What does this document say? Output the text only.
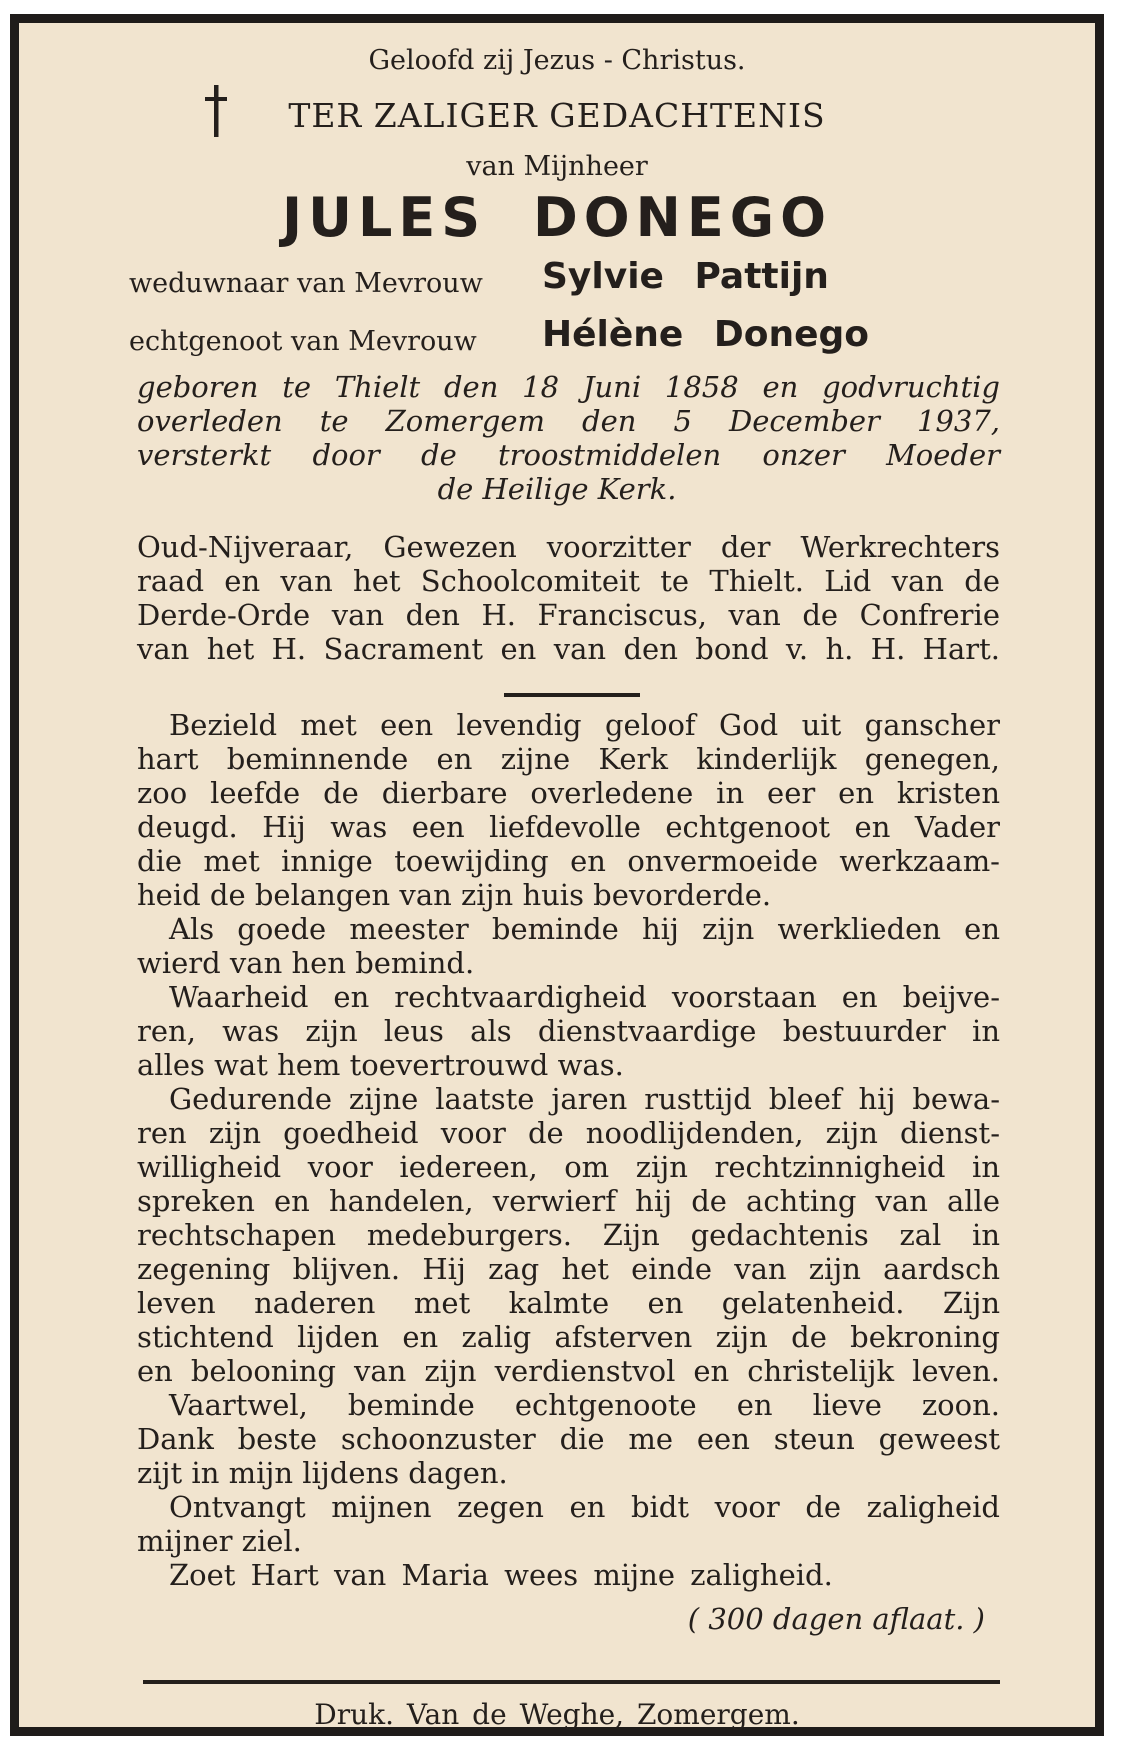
Geloofd zij Jezus - Christus.
TER ZALIGER GEDACHTENIS
van Mijnheer
JULES DONEGO
weduwnaar van Mevrouw Sylvie Pattijn
echtgenoot van Mevrouw Hélène Donego
geboren te Thielt den 18 Juni 1858 en godvruchtig
overleden te Zomergem den 5 December 1937,
versterkt door de troostmiddelen onzer Moeder
de Heilige Kerk.
Oud-Nijveraar, Gewezen voorzitter der Werkrechters
raad en van het Schoolcomiteit te Thielt. Lid van de
Derde-Orde van den H. Franciscus, van de Confrerie
van het H. Sacrament en van den bond v. h. H. Hart.
Bezield met een levendig geloof God uit ganscher
hart beminnende en zijne Kerk kinderlijk genegen,
zoo leefde de dierbare overledene in eer en kristen
deugd. Hij was een liefdevolle echtgenoot en Vader
die met innige toewijding en onvermoeide werkzaam-
heid de belangen van zijn huis bevorderde.
Als goede meester beminde hij zijn werklieden en
wierd van hen bemind.
Waarheid en rechtvaardigheid voorstaan en beijve-
ren, was zijn leus als dienstvaardige bestuurder in
alles wat hem toevertrouwd was.
Gedurende zijne laatste jaren rusttijd bleef hij bewa-
ren zijn goedheid voor de noodlijdenden, zijn dienst-
willigheid voor iedereen, om zijn rechtzinnigheid in
spreken en handelen, verwierf hij de achting van alle
rechtschapen medeburgers. Zijn gedachtenis zal in
zegening blijven. Hij zag het einde van zijn aardsch
leven naderen met kalmte en gelatenheid. Zijn
stichtend lijden en zalig afsterven zijn de bekroning
en belooning van zijn verdienstvol en christelijk leven.
Vaartwel, beminde echtgenoote en lieve zoon.
Dank beste schoonzuster die me een steun geweest
zijt in mijn lijdens dagen.
Ontvangt mijnen zegen en bidt voor de zaligheid
mijner ziel.
Zoet Hart van Maria wees mijne zaligheid.
( 300 dagen aflaat. )
Druk. Van de Weghe, Zomergem.
